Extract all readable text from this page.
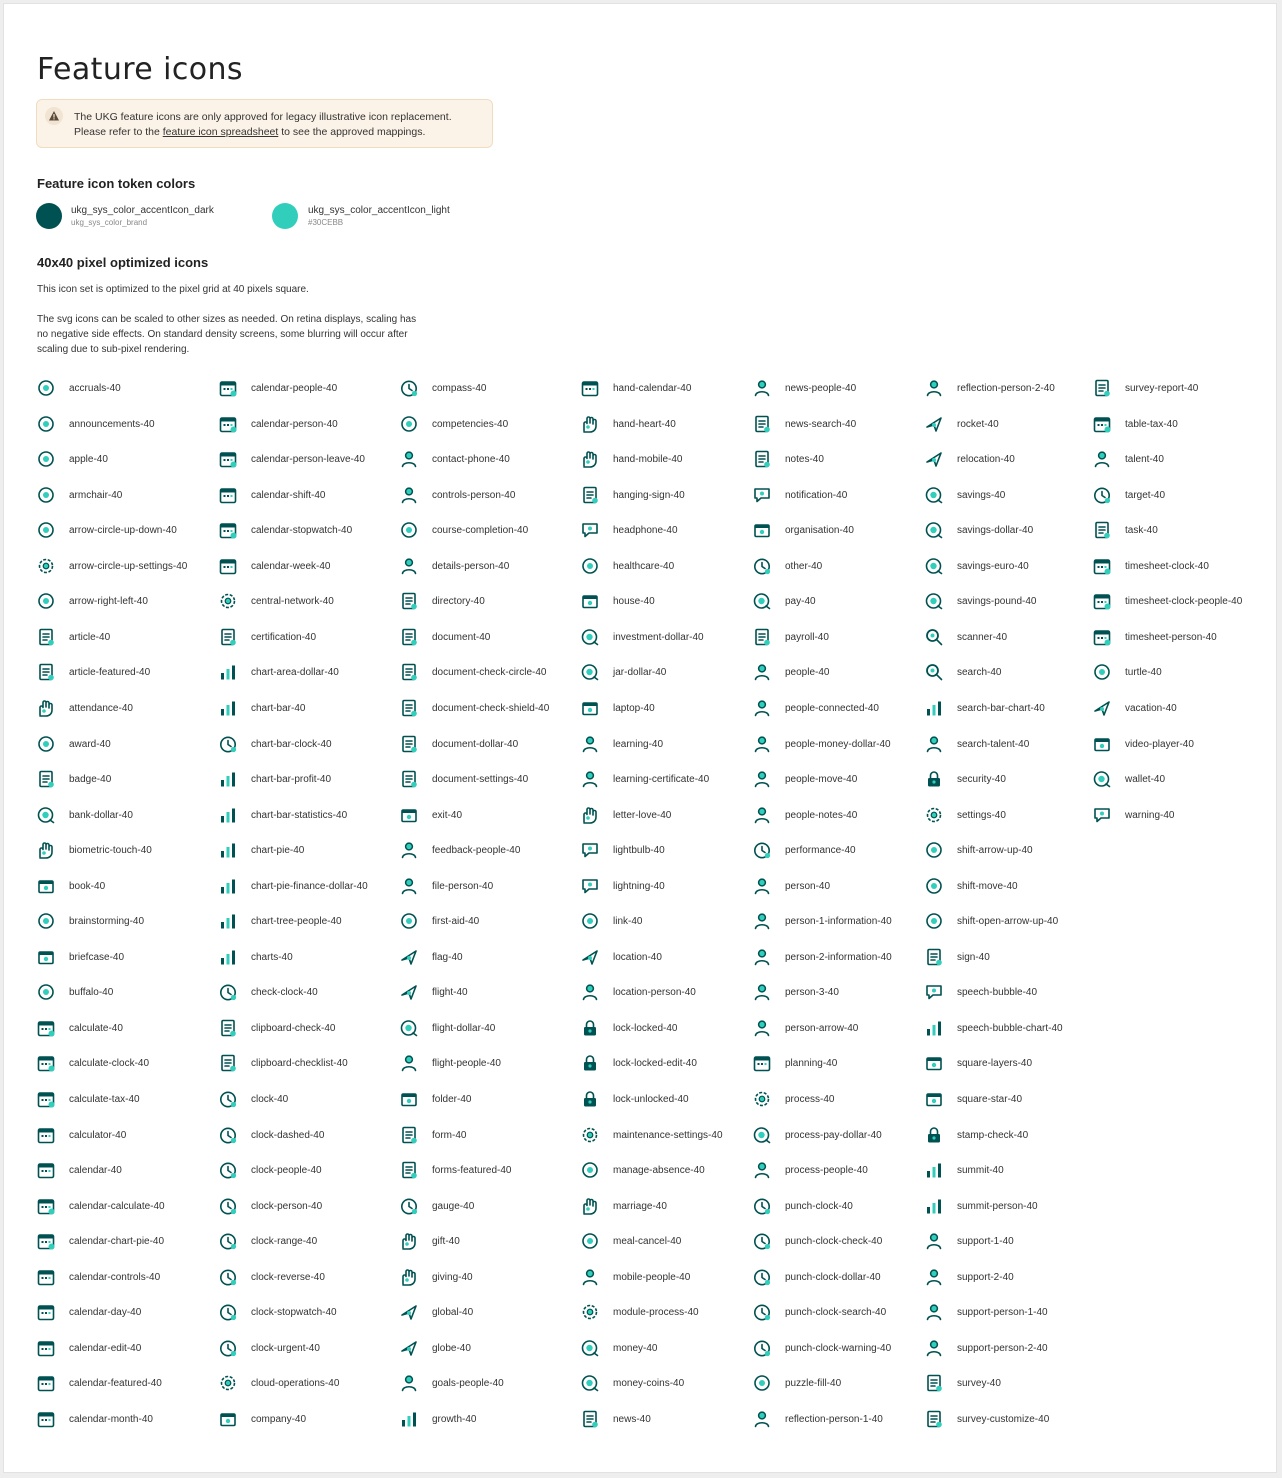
Feature icons
The UKG feature icons are only approved for legacy illustrative icon replacement.
Please refer to the feature icon spreadsheet to see the approved mappings.
Feature icon token colors
ukg_sys_color_accentIcon_dark
ukg_sys_color_brand
ukg_sys_color_accentIcon_light
#30CEBB
40x40 pixel optimized icons

This icon set is optimized to the pixel grid at 40 pixels square.

The svg icons can be scaled to other sizes as needed. On retina displays, scaling has no negative side effects. On standard density screens, some blurring will occur after scaling due to sub-pixel rendering.

accruals-40
announcements-40
apple-40
armchair-40
arrow-circle-up-down-40
arrow-circle-up-settings-40
arrow-right-left-40
article-40
article-featured-40
attendance-40
award-40
badge-40
bank-dollar-40
biometric-touch-40
book-40
brainstorming-40
briefcase-40
buffalo-40
calculate-40
calculate-clock-40
calculate-tax-40
calculator-40
calendar-40
calendar-calculate-40
calendar-chart-pie-40
calendar-controls-40
calendar-day-40
calendar-edit-40
calendar-featured-40
calendar-month-40
calendar-people-40
calendar-person-40
calendar-person-leave-40
calendar-shift-40
calendar-stopwatch-40
calendar-week-40
central-network-40
certification-40
chart-area-dollar-40
chart-bar-40
chart-bar-clock-40
chart-bar-profit-40
chart-bar-statistics-40
chart-pie-40
chart-pie-finance-dollar-40
chart-tree-people-40
charts-40
check-clock-40
clipboard-check-40
clipboard-checklist-40
clock-40
clock-dashed-40
clock-people-40
clock-person-40
clock-range-40
clock-reverse-40
clock-stopwatch-40
clock-urgent-40
cloud-operations-40
company-40
compass-40
competencies-40
contact-phone-40
controls-person-40
course-completion-40
details-person-40
directory-40
document-40
document-check-circle-40
document-check-shield-40
document-dollar-40
document-settings-40
exit-40
feedback-people-40
file-person-40
first-aid-40
flag-40
flight-40
flight-dollar-40
flight-people-40
folder-40
form-40
forms-featured-40
gauge-40
gift-40
giving-40
global-40
globe-40
goals-people-40
growth-40
hand-calendar-40
hand-heart-40
hand-mobile-40
hanging-sign-40
headphone-40
healthcare-40
house-40
investment-dollar-40
jar-dollar-40
laptop-40
learning-40
learning-certificate-40
letter-love-40
lightbulb-40
lightning-40
link-40
location-40
location-person-40
lock-locked-40
lock-locked-edit-40
lock-unlocked-40
maintenance-settings-40
manage-absence-40
marriage-40
meal-cancel-40
mobile-people-40
module-process-40
money-40
money-coins-40
news-40
news-people-40
news-search-40
notes-40
notification-40
organisation-40
other-40
pay-40
payroll-40
people-40
people-connected-40
people-money-dollar-40
people-move-40
people-notes-40
performance-40
person-40
person-1-information-40
person-2-information-40
person-3-40
person-arrow-40
planning-40
process-40
process-pay-dollar-40
process-people-40
punch-clock-40
punch-clock-check-40
punch-clock-dollar-40
punch-clock-search-40
punch-clock-warning-40
puzzle-fill-40
reflection-person-1-40
reflection-person-2-40
rocket-40
relocation-40
savings-40
savings-dollar-40
savings-euro-40
savings-pound-40
scanner-40
search-40
search-bar-chart-40
search-talent-40
security-40
settings-40
shift-arrow-up-40
shift-move-40
shift-open-arrow-up-40
sign-40
speech-bubble-40
speech-bubble-chart-40
square-layers-40
square-star-40
stamp-check-40
summit-40
summit-person-40
support-1-40
support-2-40
support-person-1-40
support-person-2-40
survey-40
survey-customize-40
survey-report-40
table-tax-40
talent-40
target-40
task-40
timesheet-clock-40
timesheet-clock-people-40
timesheet-person-40
turtle-40
vacation-40
video-player-40
wallet-40
warning-40
